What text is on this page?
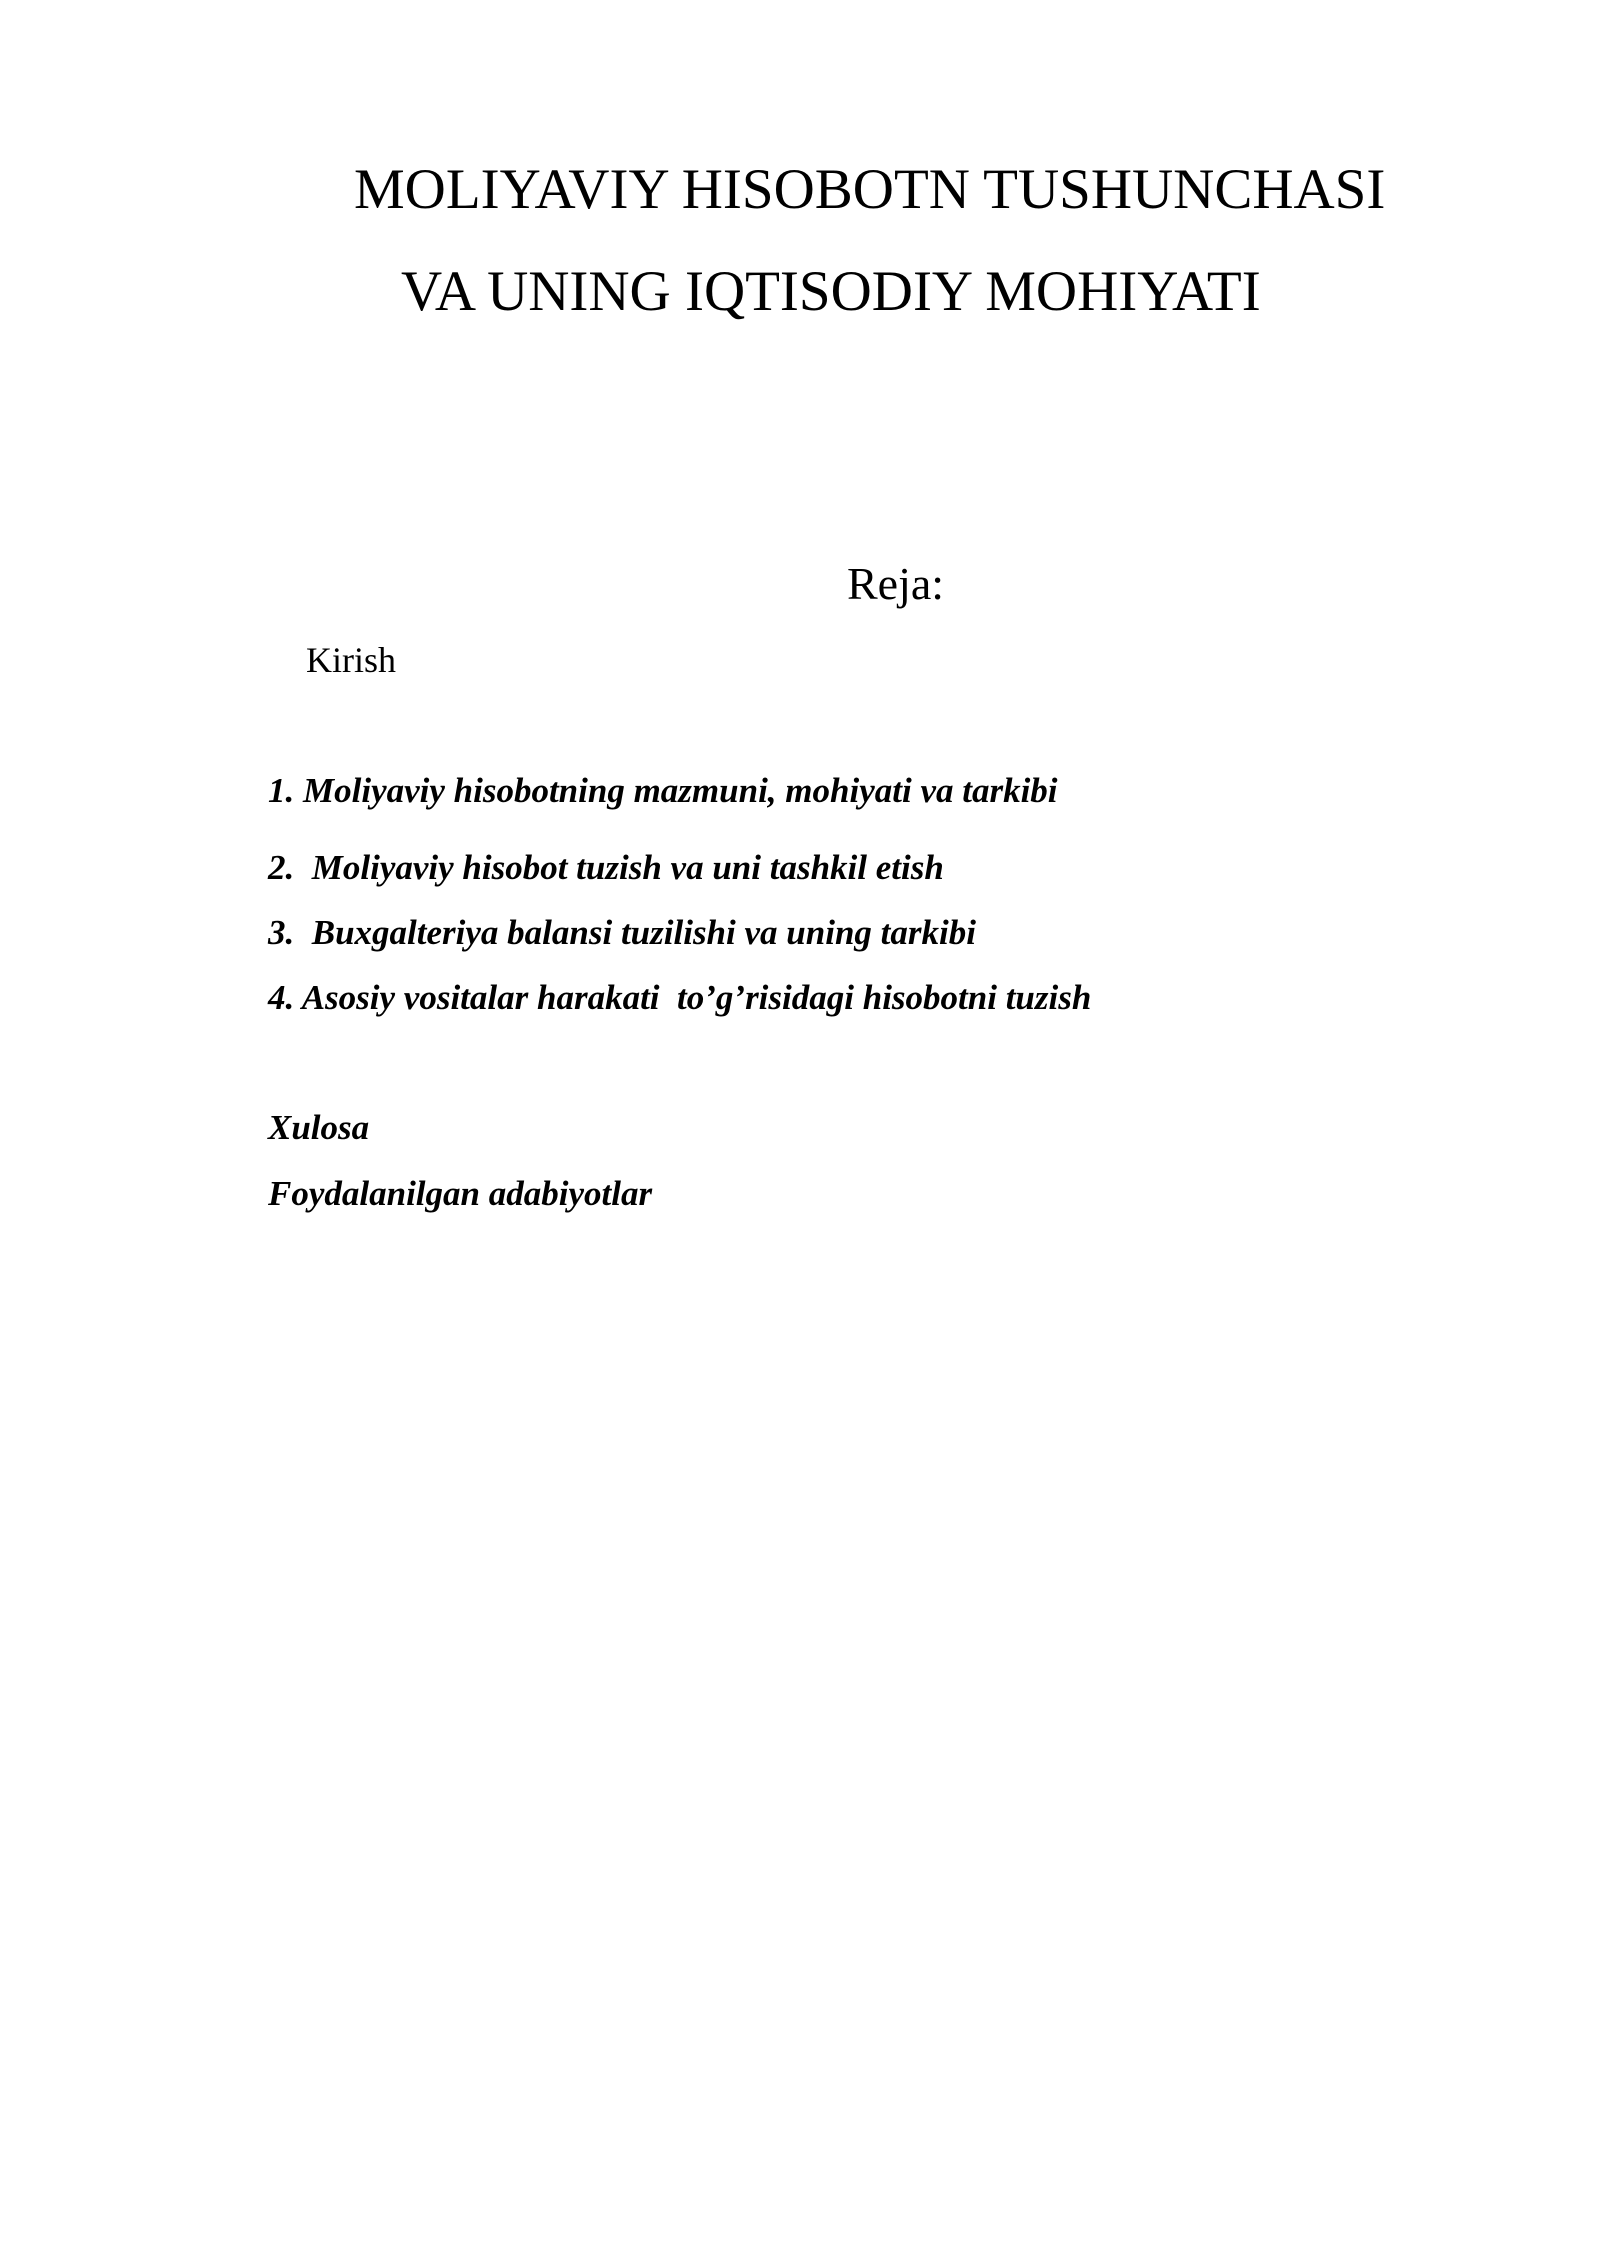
MOLIYAVIY HISOBOTN TUSHUNCHASI
VA UNING IQTISODIY MOHIYATI
Reja:
Kirish
1. Moliyaviy hisobotning mazmuni, mohiyati va tarkibi
2.  Moliyaviy hisobot tuzish va uni tashkil etish
3.  Buxgalteriya balansi tuzilishi va uning tarkibi
4. Asosiy vositalar harakati  to’g’risidagi hisobotni tuzish
Xulosa
Foydalanilgan adabiyotlar
